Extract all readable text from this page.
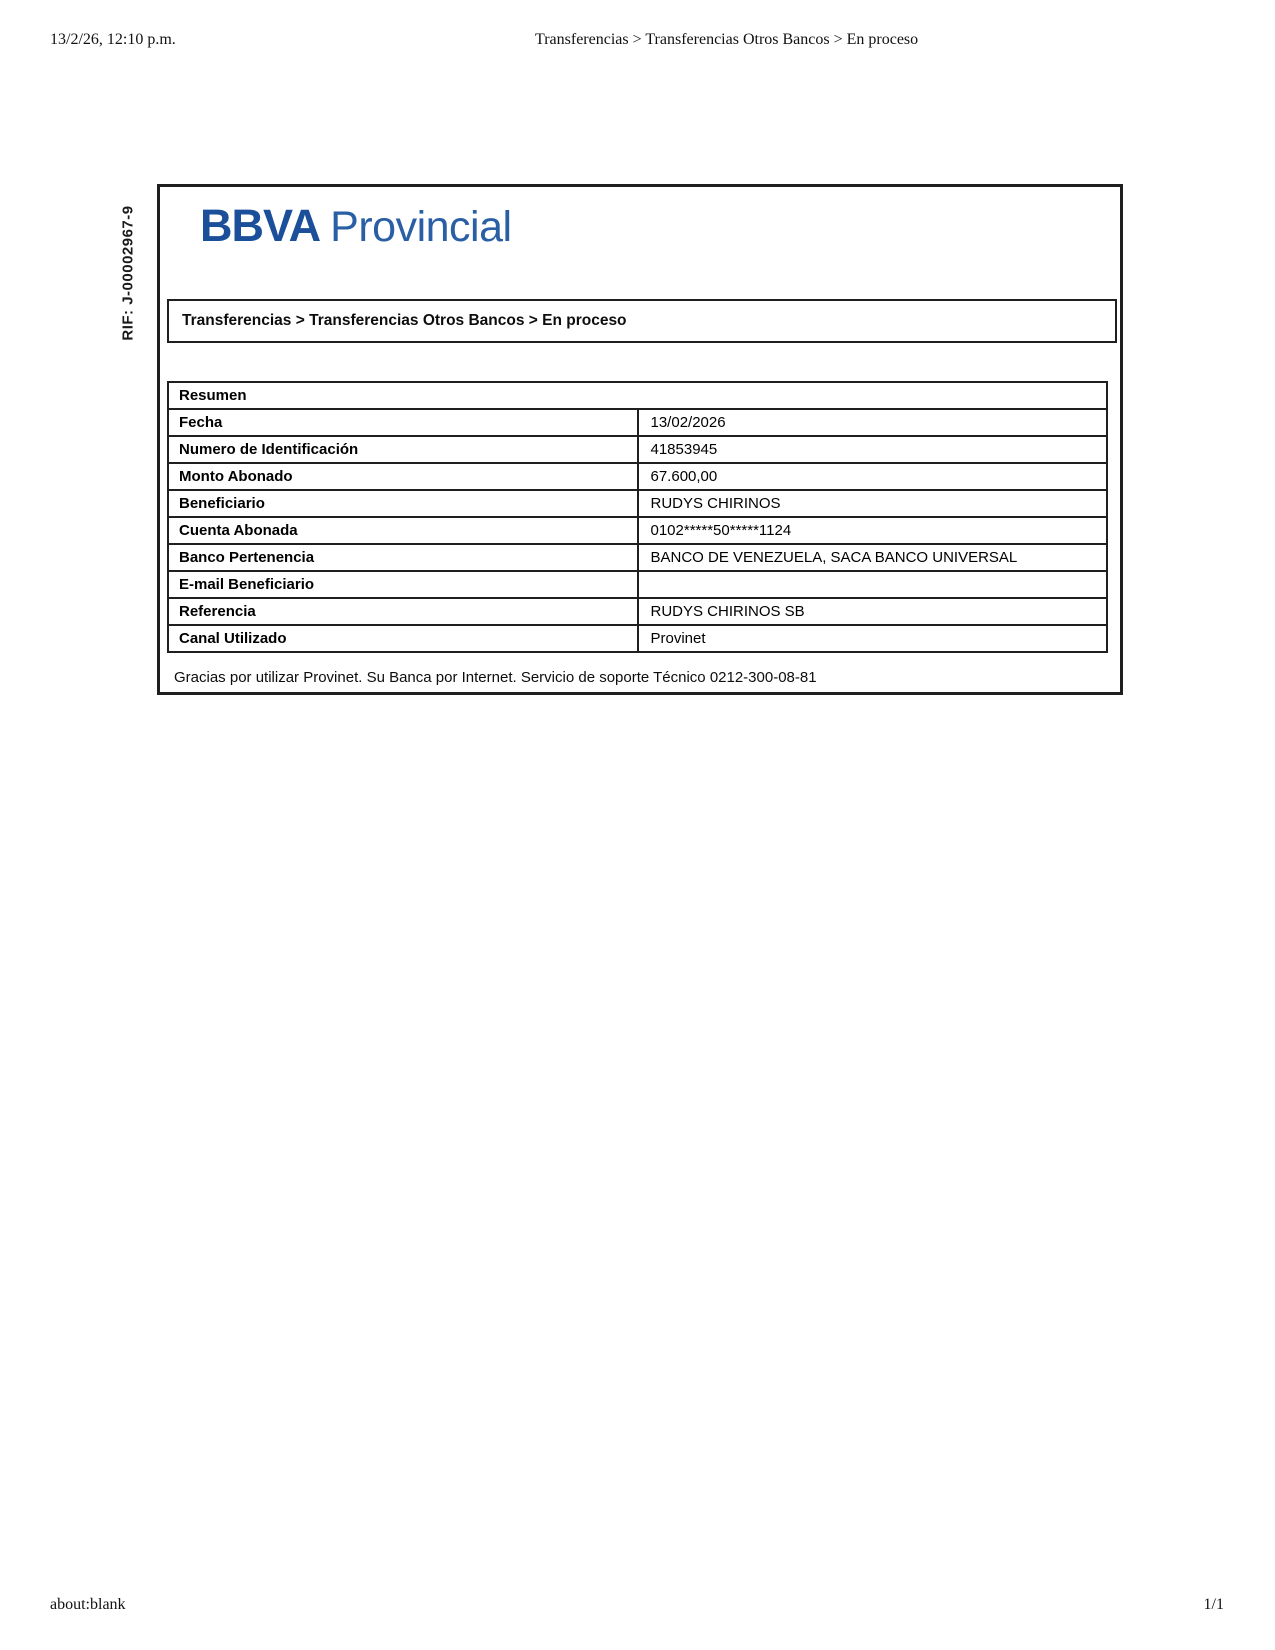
13/2/26, 12:10 p.m.	Transferencias > Transferencias Otros Bancos > En proceso
RIF: J-00002967-9 BBVA Provincial
Transferencias > Transferencias Otros Bancos > En proceso
Resumen	
Fecha	13/02/2026
Numero de Identificación	41853945
Monto Abonado	67.600,00
Beneficiario	RUDYS CHIRINOS
Cuenta Abonada	0102*****50*****1124
Banco Pertenencia	BANCO DE VENEZUELA, SACA BANCO UNIVERSAL
E-mail Beneficiario	
Referencia	RUDYS CHIRINOS SB
Canal Utilizado	Provinet
Gracias por utilizar Provinet. Su Banca por Internet. Servicio de soporte Técnico 0212-300-08-81
about:blank	1/1
